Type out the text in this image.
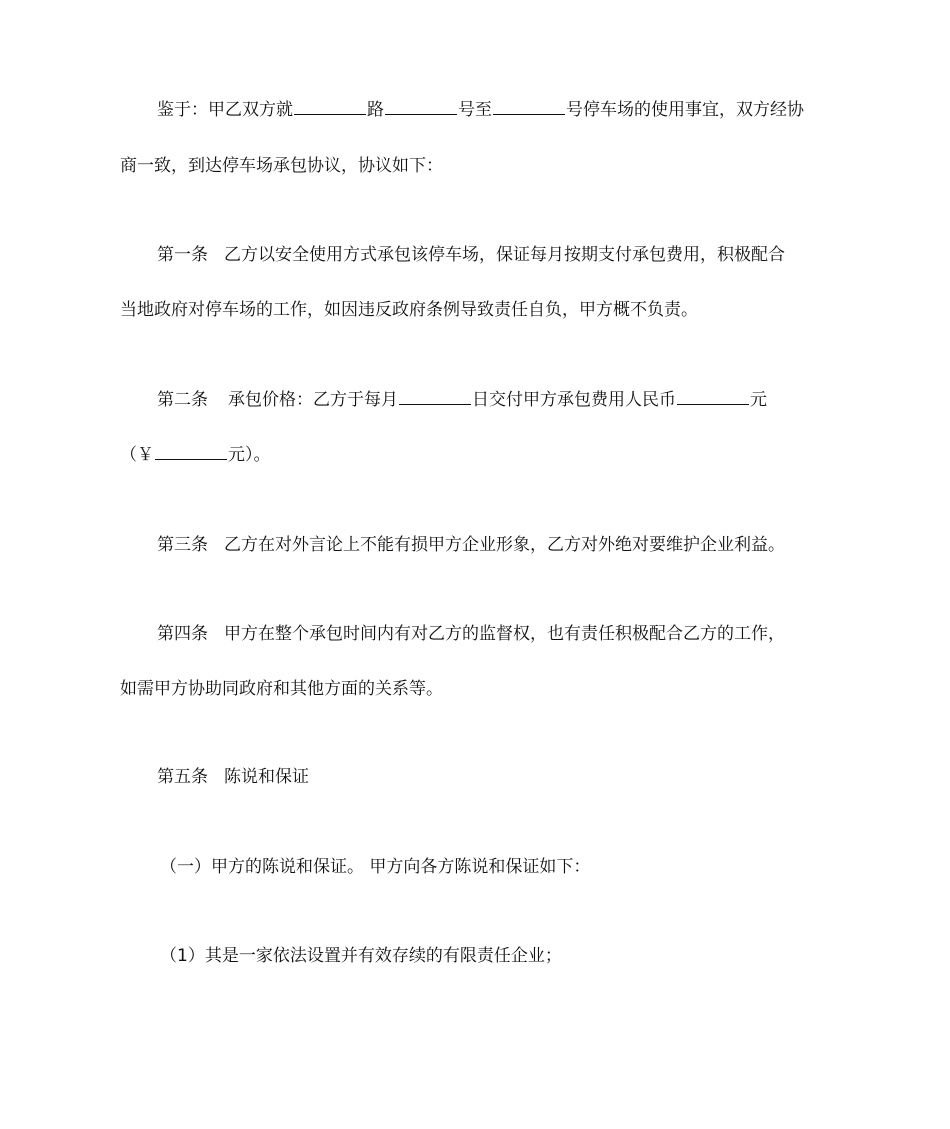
鉴于：甲乙双方就	路	号至	号停车场的使用事宜，双方经协
商一致，到达停车场承包协议，协议如下：
第一条 乙方以安全使用方式承包该停车场，保证每月按期支付承包费用，积极配合
当地政府对停车场的工作，如因违反政府条例导致责任自负，甲方概不负责。
第二条 承包价格：乙方于每月	日交付甲方承包费用人民币	元
（￥	元）。
第三条 乙方在对外言论上不能有损甲方企业形象，乙方对外绝对要维护企业利益。
第四条 甲方在整个承包时间内有对乙方的监督权，也有责任积极配合乙方的工作，
如需甲方协助同政府和其他方面的关系等。
第五条 陈说和保证
（一）甲方的陈说和保证。 甲方向各方陈说和保证如下：
（1）其是一家依法设置并有效存续的有限责任企业；
